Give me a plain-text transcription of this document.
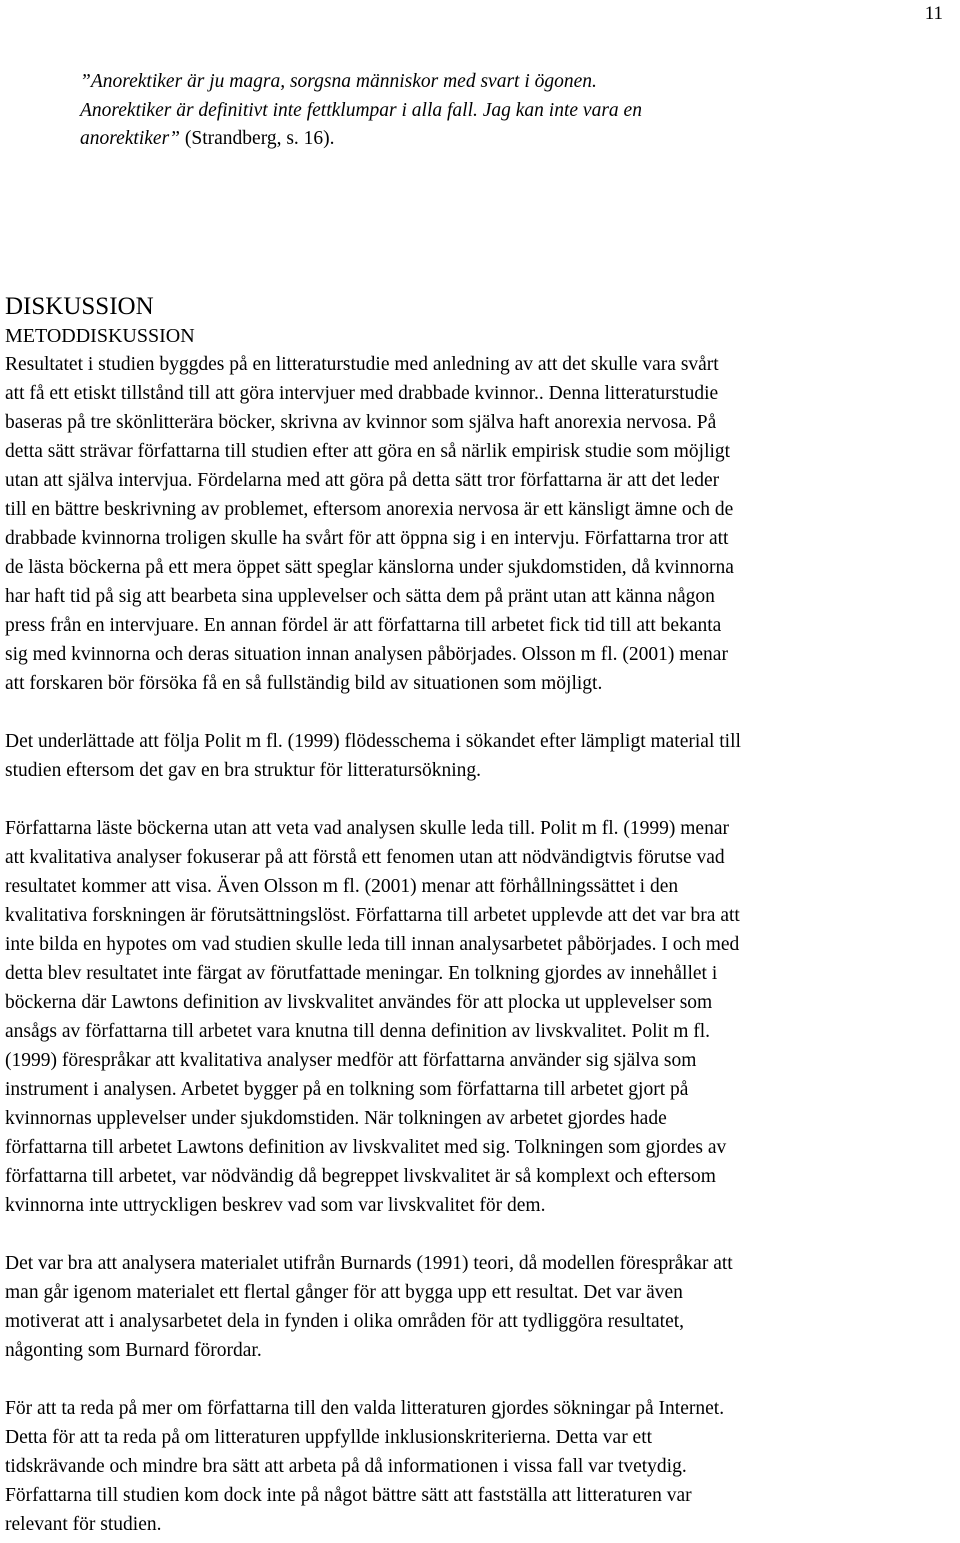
11
”Anorektiker är ju magra, sorgsna människor med svart i ögonen.
Anorektiker är definitivt inte fettklumpar i alla fall. Jag kan inte vara en
anorektiker” (Strandberg, s. 16).
DISKUSSION
METODDISKUSSION

Resultatet i studien byggdes på en litteraturstudie med anledning av att det skulle vara svårt
att få ett etiskt tillstånd till att göra intervjuer med drabbade kvinnor.. Denna litteraturstudie
baseras på tre skönlitterära böcker, skrivna av kvinnor som själva haft anorexia nervosa. På
detta sätt strävar författarna till studien efter att göra en så närlik empirisk studie som möjligt
utan att själva intervjua. Fördelarna med att göra på detta sätt tror författarna är att det leder
till en bättre beskrivning av problemet, eftersom anorexia nervosa är ett känsligt ämne och de
drabbade kvinnorna troligen skulle ha svårt för att öppna sig i en intervju. Författarna tror att
de lästa böckerna på ett mera öppet sätt speglar känslorna under sjukdomstiden, då kvinnorna
har haft tid på sig att bearbeta sina upplevelser och sätta dem på pränt utan att känna någon
press från en intervjuare. En annan fördel är att författarna till arbetet fick tid till att bekanta
sig med kvinnorna och deras situation innan analysen påbörjades. Olsson m fl. (2001) menar
att forskaren bör försöka få en så fullständig bild av situationen som möjligt.

Det underlättade att följa Polit m fl. (1999) flödesschema i sökandet efter lämpligt material till
studien eftersom det gav en bra struktur för litteratursökning.

Författarna läste böckerna utan att veta vad analysen skulle leda till. Polit m fl. (1999) menar
att kvalitativa analyser fokuserar på att förstå ett fenomen utan att nödvändigtvis förutse vad
resultatet kommer att visa. Även Olsson m fl. (2001) menar att förhållningssättet i den
kvalitativa forskningen är förutsättningslöst. Författarna till arbetet upplevde att det var bra att
inte bilda en hypotes om vad studien skulle leda till innan analysarbetet påbörjades. I och med
detta blev resultatet inte färgat av förutfattade meningar. En tolkning gjordes av innehållet i
böckerna där Lawtons definition av livskvalitet användes för att plocka ut upplevelser som
ansågs av författarna till arbetet vara knutna till denna definition av livskvalitet. Polit m fl.
(1999) förespråkar att kvalitativa analyser medför att författarna använder sig själva som
instrument i analysen. Arbetet bygger på en tolkning som författarna till arbetet gjort på
kvinnornas upplevelser under sjukdomstiden. När tolkningen av arbetet gjordes hade
författarna till arbetet Lawtons definition av livskvalitet med sig. Tolkningen som gjordes av
författarna till arbetet, var nödvändig då begreppet livskvalitet är så komplext och eftersom
kvinnorna inte uttryckligen beskrev vad som var livskvalitet för dem.

Det var bra att analysera materialet utifrån Burnards (1991) teori, då modellen förespråkar att
man går igenom materialet ett flertal gånger för att bygga upp ett resultat. Det var även
motiverat att i analysarbetet dela in fynden i olika områden för att tydliggöra resultatet,
någonting som Burnard förordar.

För att ta reda på mer om författarna till den valda litteraturen gjordes sökningar på Internet.
Detta för att ta reda på om litteraturen uppfyllde inklusionskriterierna. Detta var ett
tidskrävande och mindre bra sätt att arbeta på då informationen i vissa fall var tvetydig.
Författarna till studien kom dock inte på något bättre sätt att fastställa att litteraturen var
relevant för studien.
